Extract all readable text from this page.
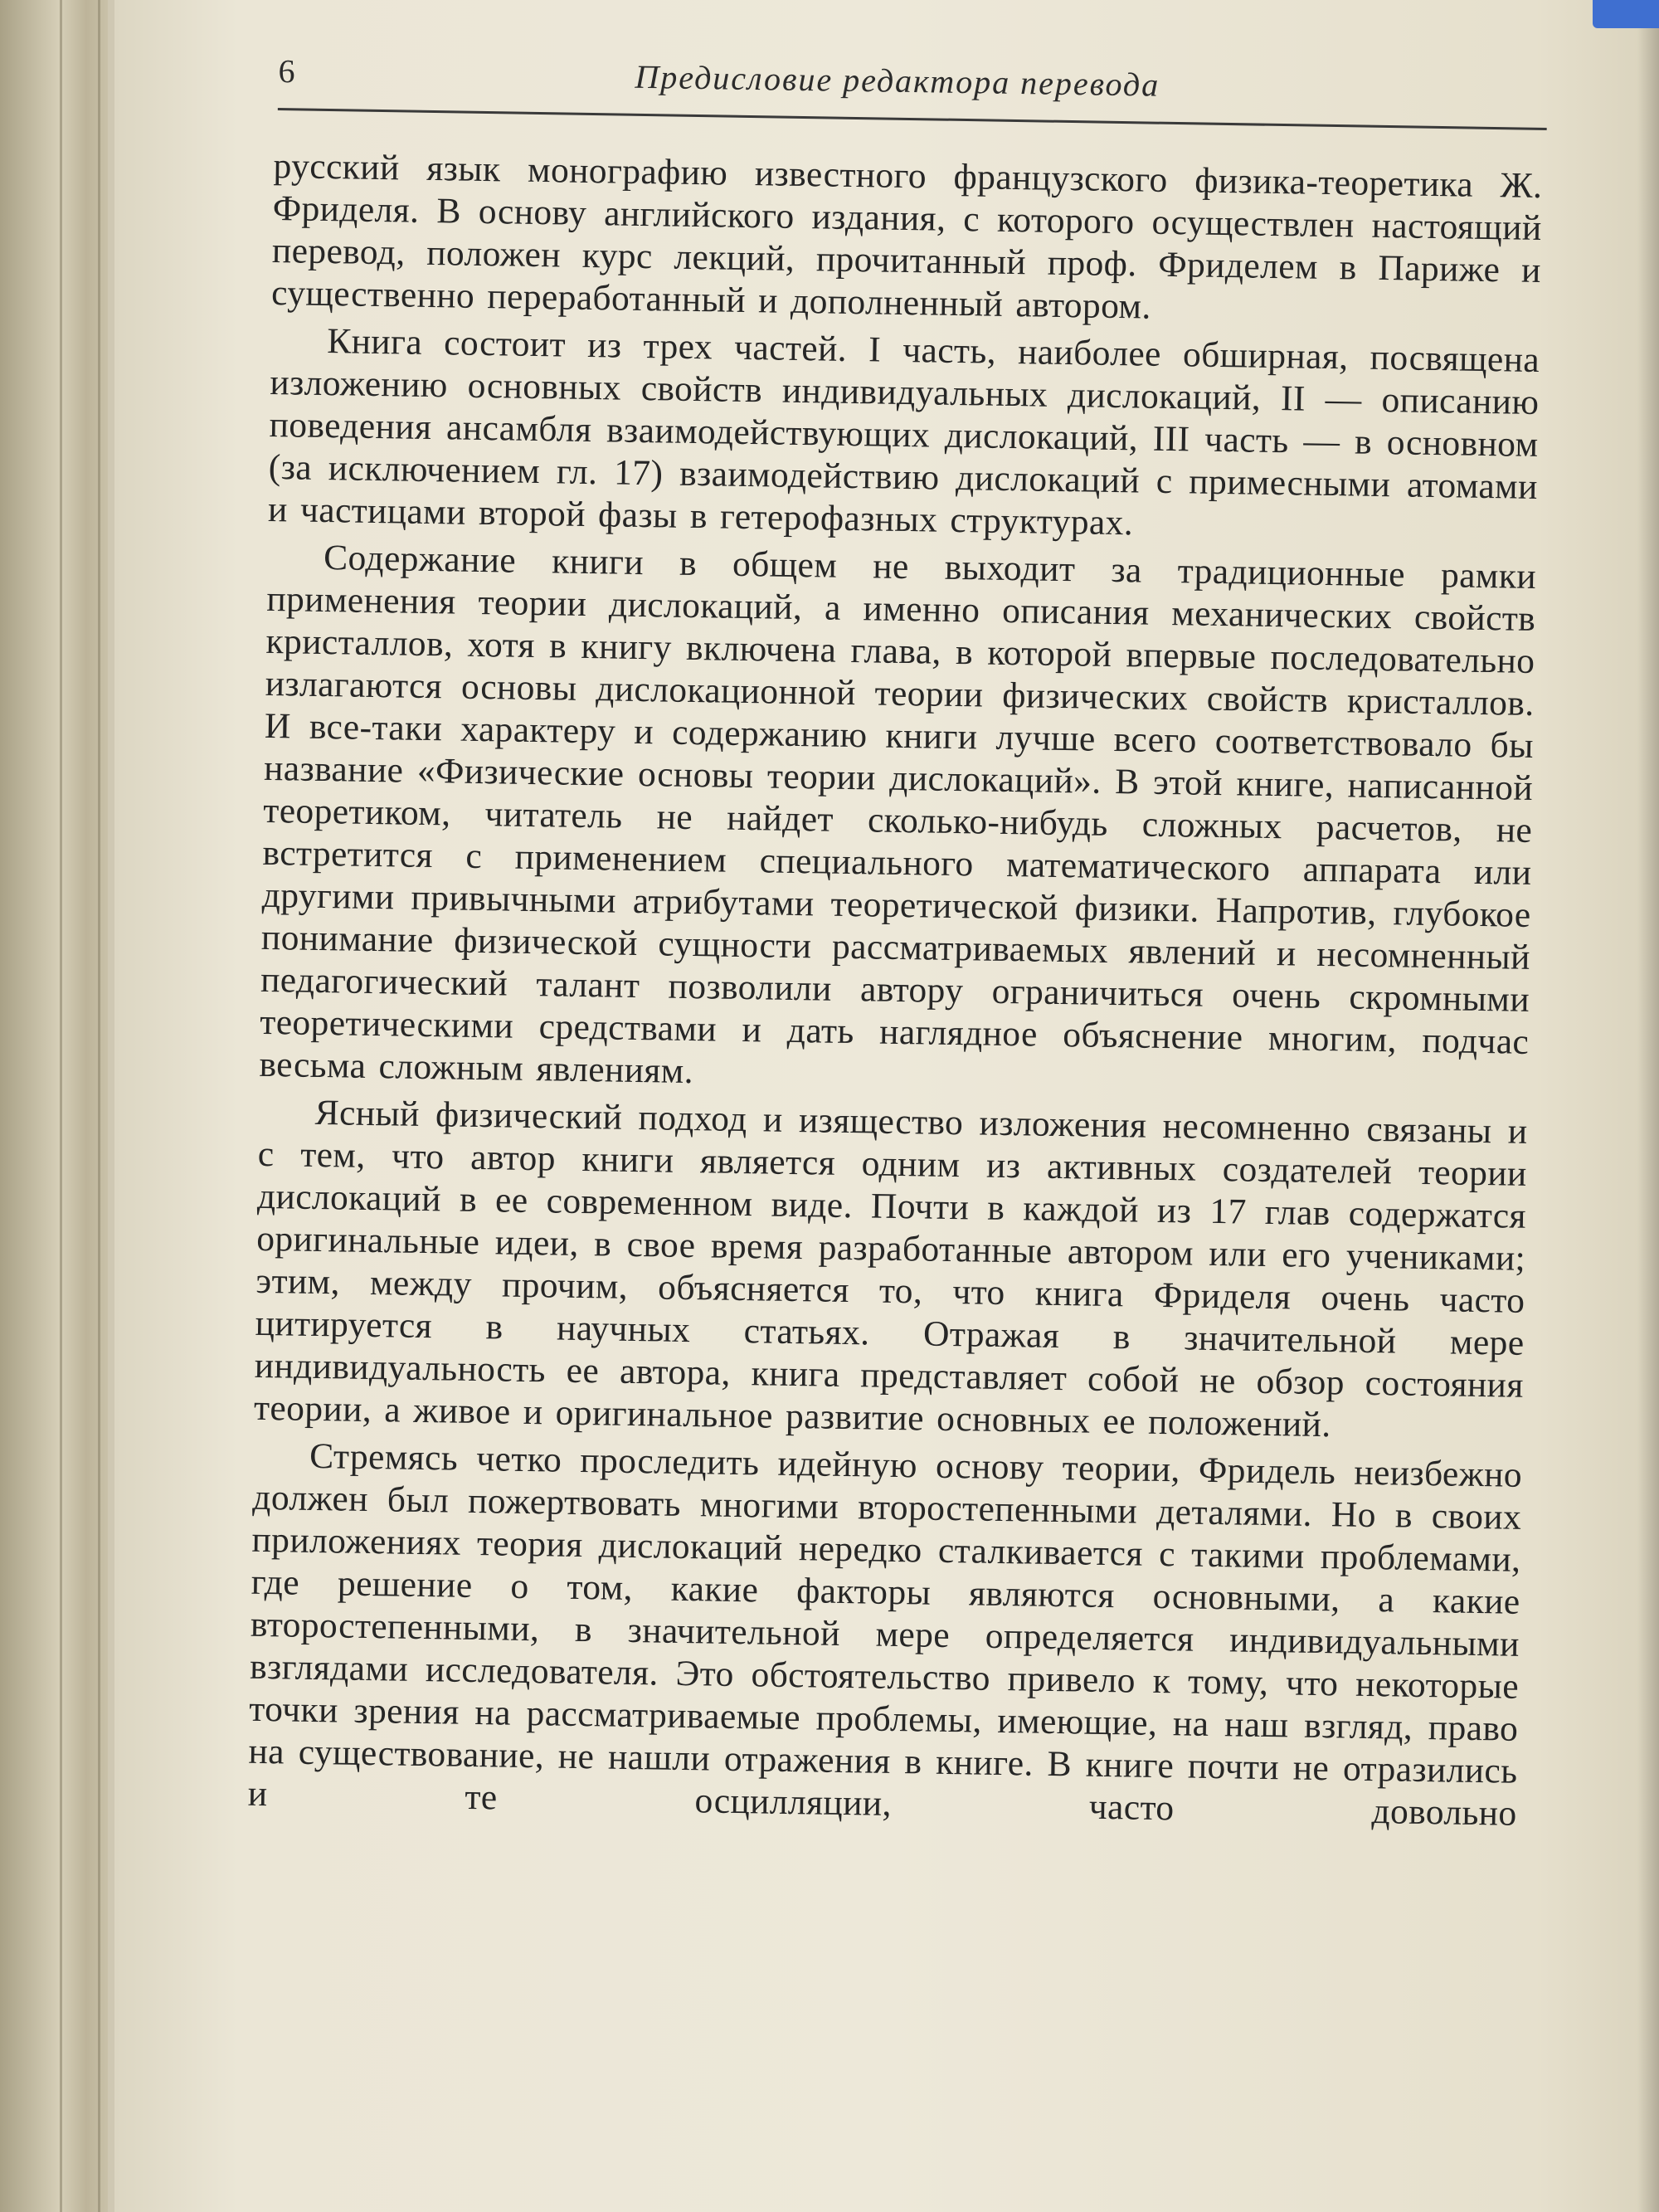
6	Предисловие редактора перевода

русский язык монографию известного французского физика-теоретика Ж. Фриделя. В основу английского издания, с которого осуществлен настоящий перевод, положен курс лекций, прочитанный проф. Фриделем в Париже и существенно переработанный и дополненный автором.

Книга состоит из трех частей. I часть, наиболее обширная, посвящена изложению основных свойств индивидуальных дислокаций, II — описанию поведения ансамбля взаимодействующих дислокаций, III часть — в основном (за исключением гл. 17) взаимодействию дислокаций с примесными атомами и частицами второй фазы в гетерофазных структурах.

Содержание книги в общем не выходит за традиционные рамки применения теории дислокаций, а именно описания механических свойств кристаллов, хотя в книгу включена глава, в которой впервые последовательно излагаются основы дислокационной теории физических свойств кристаллов. И все-таки характеру и содержанию книги лучше всего соответствовало бы название «Физические основы теории дислокаций». В этой книге, написанной теоретиком, читатель не найдет сколько-нибудь сложных расчетов, не встретится с применением специального математического аппарата или другими привычными атрибутами теоретической физики. Напротив, глубокое понимание физической сущности рассматриваемых явлений и несомненный педагогический талант позволили автору ограничиться очень скромными теоретическими средствами и дать наглядное объяснение многим, подчас весьма сложным явлениям.

Ясный физический подход и изящество изложения несомненно связаны и с тем, что автор книги является одним из активных создателей теории дислокаций в ее современном виде. Почти в каждой из 17 глав содержатся оригинальные идеи, в свое время разработанные автором или его учениками; этим, между прочим, объясняется то, что книга Фриделя очень часто цитируется в научных статьях. Отражая в значительной мере индивидуальность ее автора, книга представляет собой не обзор состояния теории, а живое и оригинальное развитие основных ее положений.

Стремясь четко проследить идейную основу теории, Фридель неизбежно должен был пожертвовать многими второстепенными деталями. Но в своих приложениях теория дислокаций нередко сталкивается с такими проблемами, где решение о том, какие факторы являются основными, а какие второстепенными, в значительной мере определяется индивидуальными взглядами исследователя. Это обстоятельство привело к тому, что некоторые точки зрения на рассматриваемые проблемы, имеющие, на наш взгляд, право на существование, не нашли отражения в книге. В книге почти не отразились и те осцилляции, часто довольно
